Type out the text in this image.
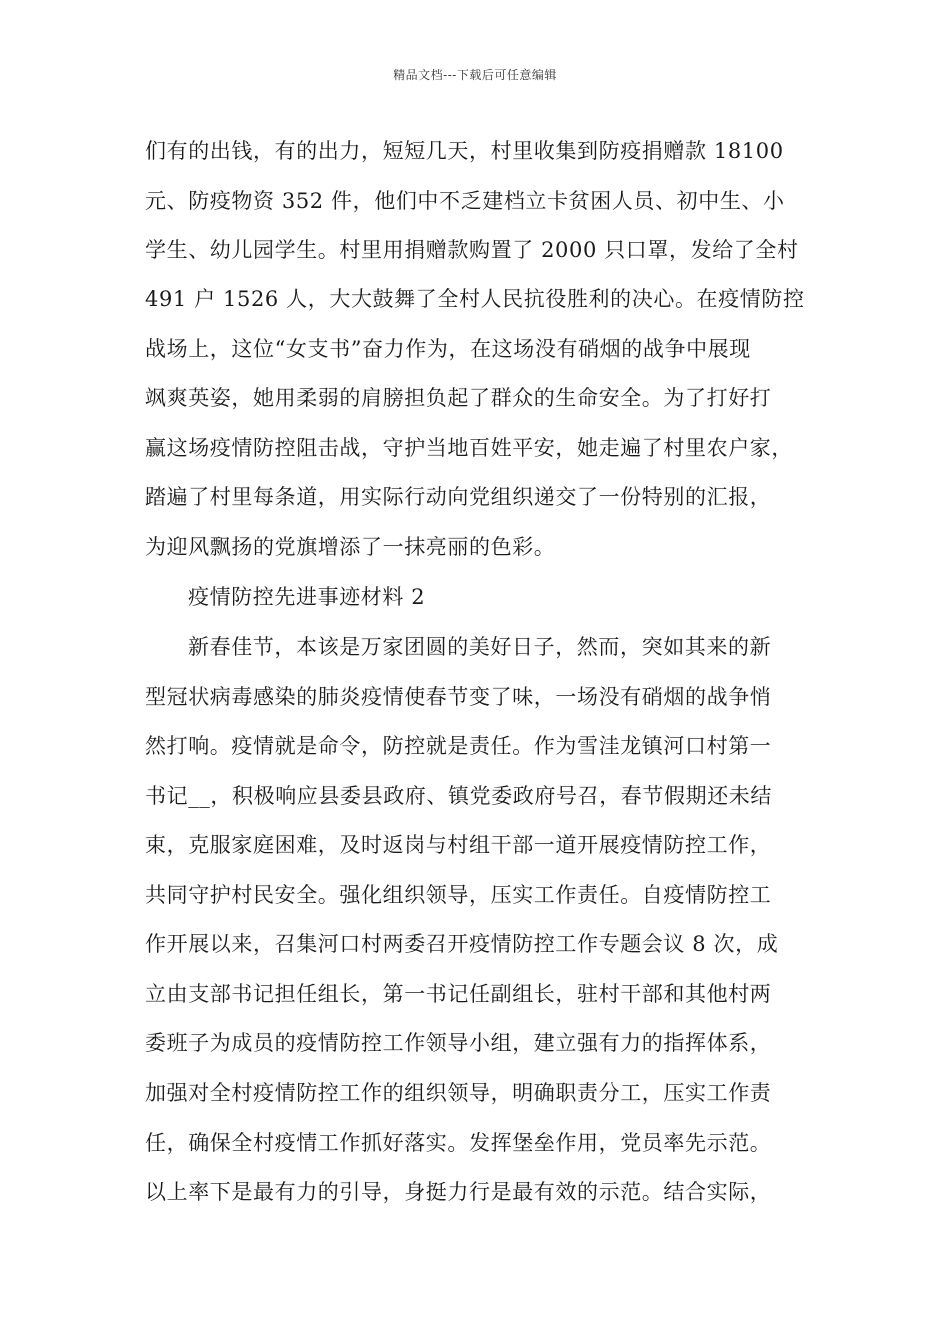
精品文档---下载后可任意编辑
们有的出钱，有的出力，短短几天，村里收集到防疫捐赠款 18100
元、防疫物资 352 件，他们中不乏建档立卡贫困人员、初中生、小
学生、幼儿园学生。村里用捐赠款购置了 2000 只口罩，发给了全村
491 户 1526 人，大大鼓舞了全村人民抗役胜利的决心。在疫情防控
战场上，这位“女支书”奋力作为，在这场没有硝烟的战争中展现
飒爽英姿，她用柔弱的肩膀担负起了群众的生命安全。为了打好打
赢这场疫情防控阻击战，守护当地百姓平安，她走遍了村里农户家，
踏遍了村里每条道，用实际行动向党组织递交了一份特别的汇报，
为迎风飘扬的党旗增添了一抹亮丽的色彩。
疫情防控先进事迹材料 2
新春佳节，本该是万家团圆的美好日子，然而，突如其来的新
型冠状病毒感染的肺炎疫情使春节变了味，一场没有硝烟的战争悄
然打响。疫情就是命令，防控就是责任。作为雪洼龙镇河口村第一
书记__，积极响应县委县政府、镇党委政府号召，春节假期还未结
束，克服家庭困难，及时返岗与村组干部一道开展疫情防控工作，
共同守护村民安全。强化组织领导，压实工作责任。自疫情防控工
作开展以来，召集河口村两委召开疫情防控工作专题会议 8 次，成
立由支部书记担任组长，第一书记任副组长，驻村干部和其他村两
委班子为成员的疫情防控工作领导小组，建立强有力的指挥体系，
加强对全村疫情防控工作的组织领导，明确职责分工，压实工作责
任，确保全村疫情工作抓好落实。发挥堡垒作用，党员率先示范。
以上率下是最有力的引导，身挺力行是最有效的示范。结合实际，
